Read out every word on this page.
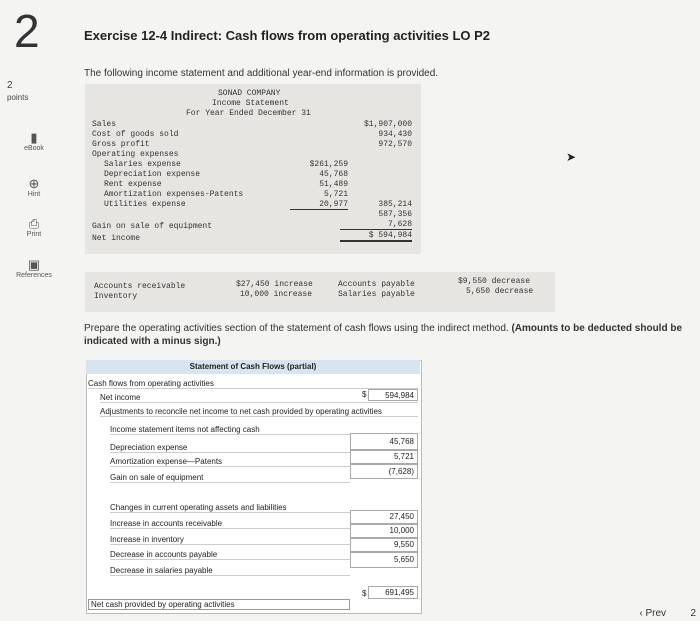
2	Exercise 12-4 Indirect: Cash flows from operating activities LO P2
The following income statement and additional year-end information is provided.
2
points
▮
eBook
⊕
Hint
⎙
Print
▣
References
SONAD COMPANY
Income Statement
For Year Ended December 31
Sales	$1,907,000
Cost of goods sold	934,430
Gross profit	972,570
Operating expenses
Salaries expense	$261,259
Depreciation expense	45,768
Rent expense	51,489
Amortization expenses-Patents	5,721
Utilities expense	20,977	385,214
587,356
Gain on sale of equipment	7,628
Net income	$ 594,984
➤
Accounts receivable	$27,450 increase
Inventory	10,000 increase
Accounts payable	$9,550 decrease
Salaries payable	5,650 decrease
Prepare the operating activities section of the statement of cash flows using the indirect method. (Amounts to be deducted should be indicated with a minus sign.)
Statement of Cash Flows (partial)
Cash flows from operating activities
Net income	$	594,984
Adjustments to reconcile net income to net cash provided by operating activities
Income statement items not affecting cash
Depreciation expense
45,768
Amortization expense—Patents
5,721
Gain on sale of equipment
(7,628)
Changes in current operating assets and liabilities
Increase in accounts receivable
27,450
Increase in inventory
10,000
Decrease in accounts payable
9,550
Decrease in salaries payable
5,650
Net cash provided by operating activities
$	691,495
‹ Prev 2
